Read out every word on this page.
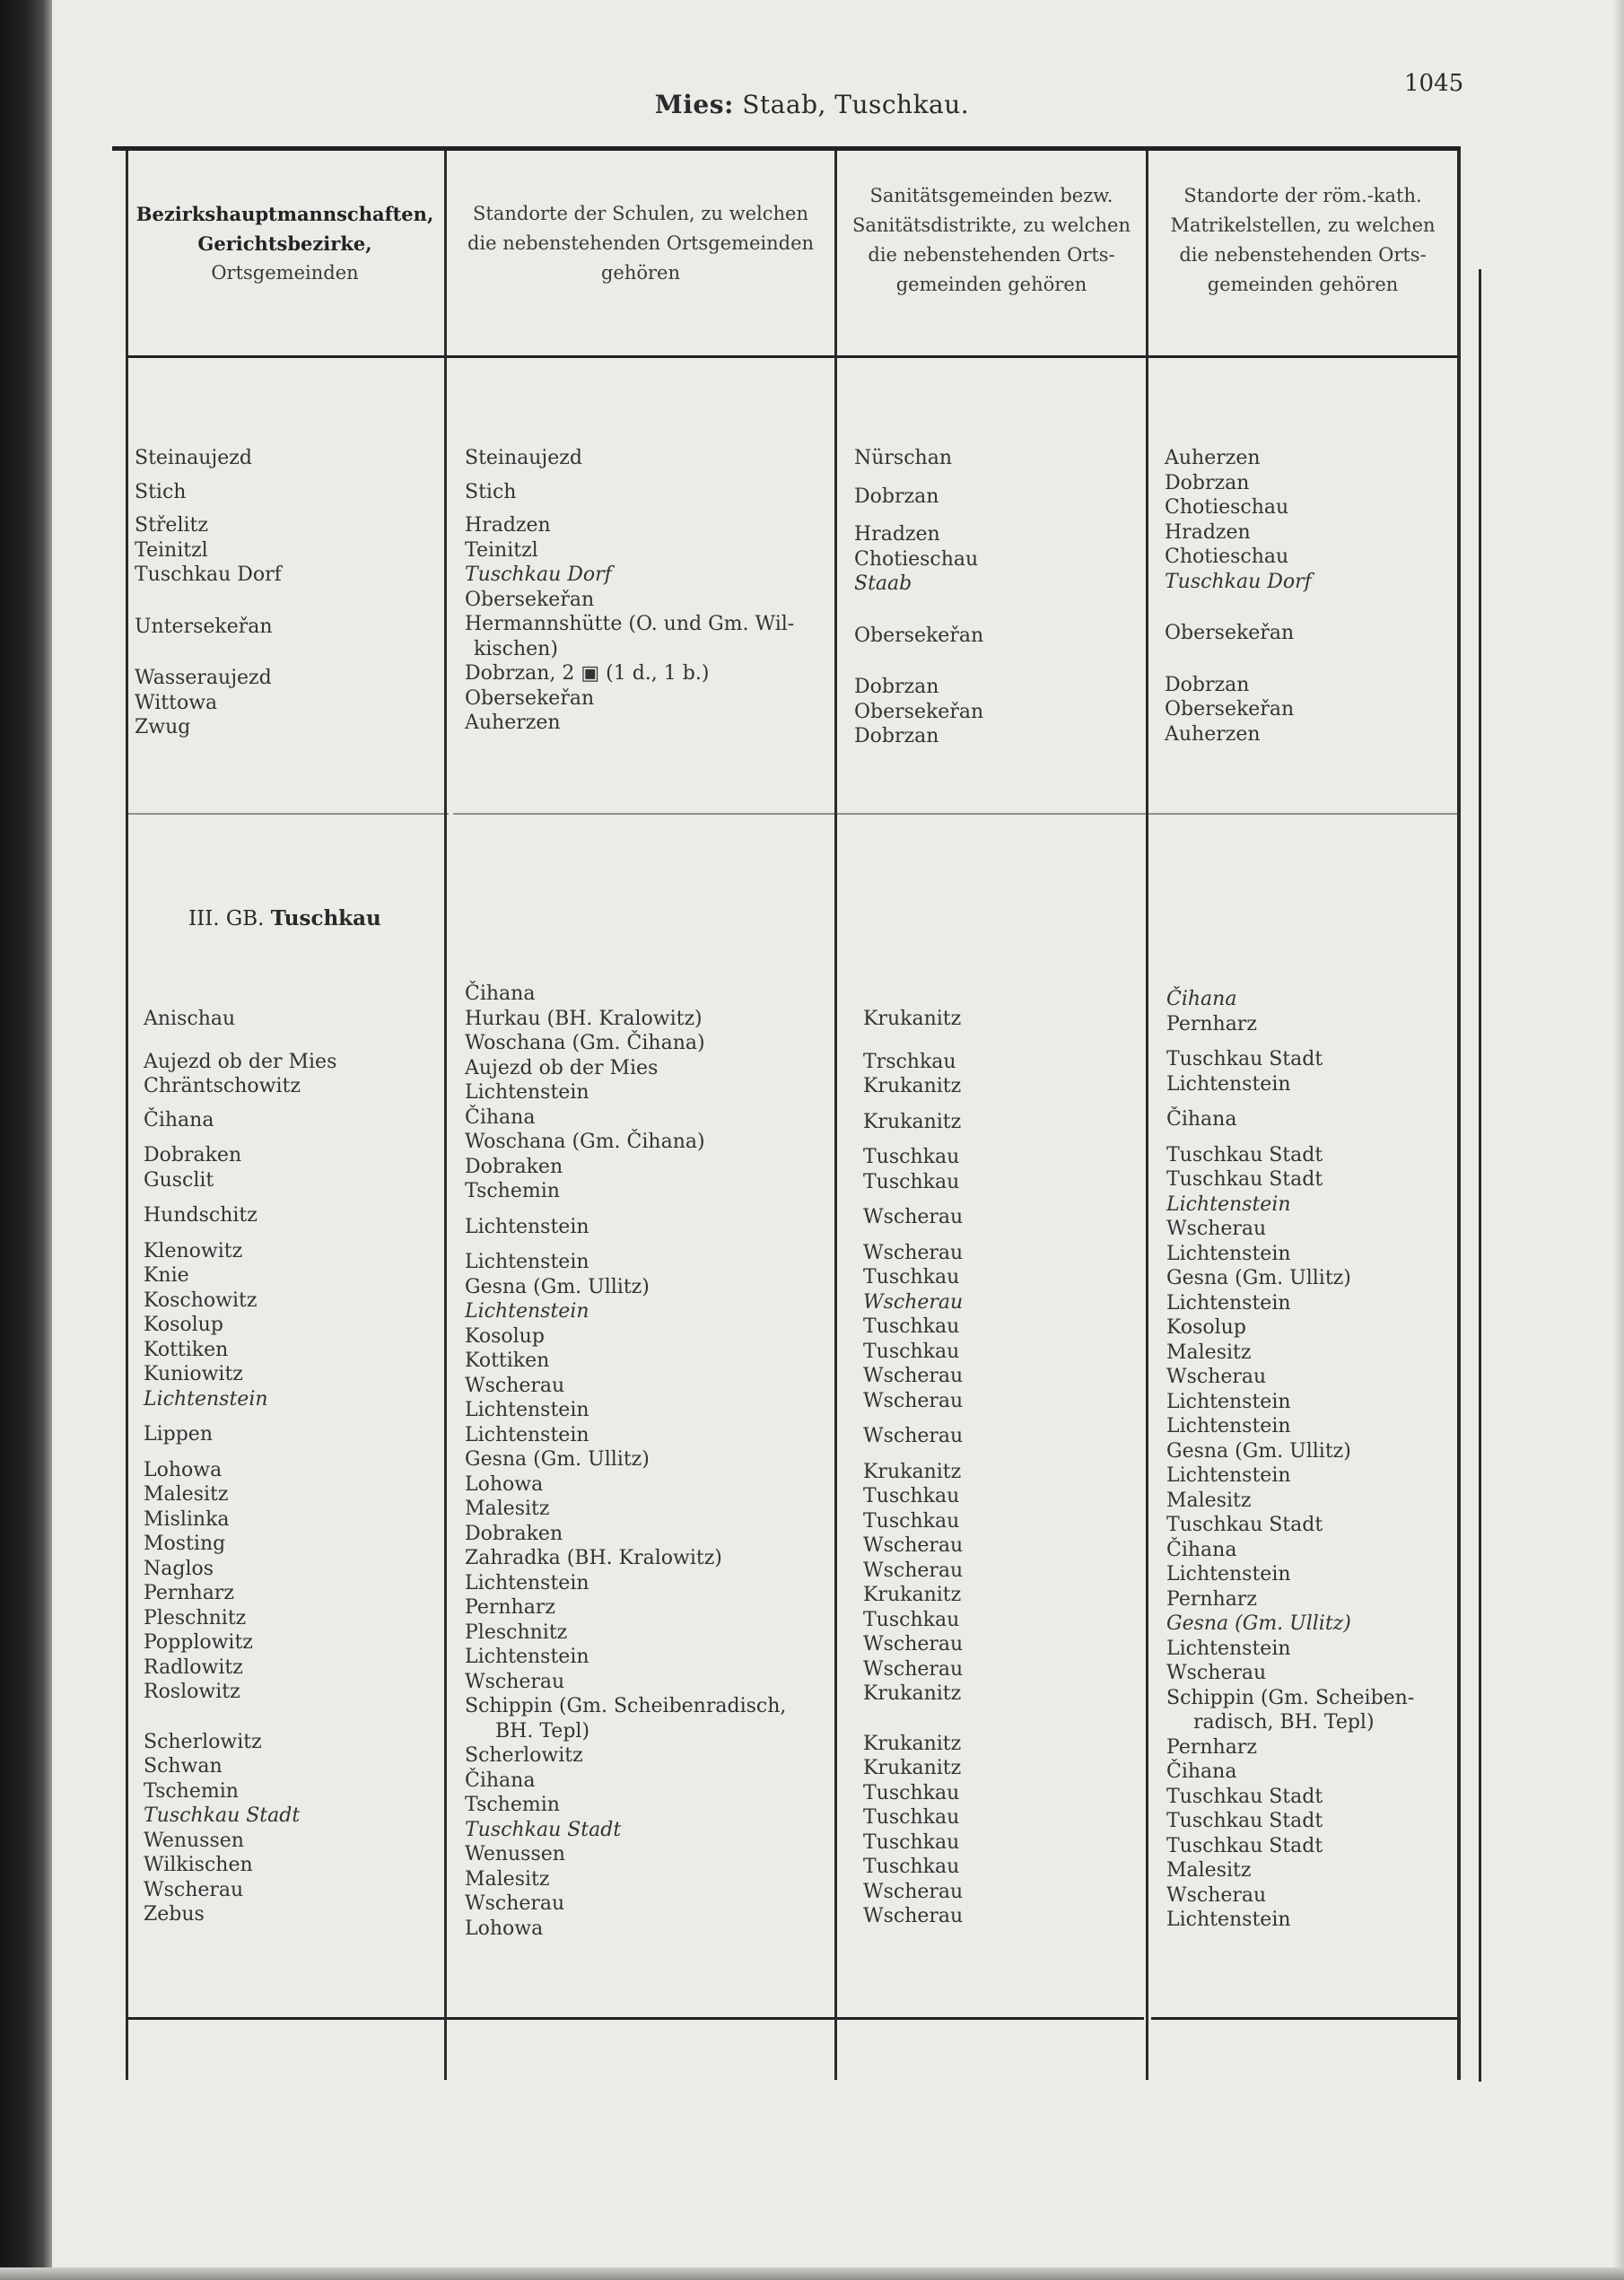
Mies: Staab, Tuschkau.
1045
Bezirkshauptmannschaften,
Gerichtsbezirke,
Ortsgemeinden
Standorte der Schulen, zu welchen
die nebenstehenden Ortsgemeinden
gehören
Sanitätsgemeinden bezw.
Sanitätsdistrikte, zu welchen
die nebenstehenden Orts-
gemeinden gehören
Standorte der röm.-kath.
Matrikelstellen, zu welchen
die nebenstehenden Orts-
gemeinden gehören
Steinaujezd
Stich
Střelitz
Teinitzl
Tuschkau Dorf
Untersekeřan
Wasseraujezd
Wittowa
Zwug
Steinaujezd
Stich
Hradzen
Teinitzl
Tuschkau Dorf
Obersekeřan
Hermannshütte (O. und Gm. Wil-
kischen)
Dobrzan, 2 ▣ (1 d., 1 b.)
Obersekeřan
Auherzen
Nürschan
Dobrzan
Hradzen
Chotieschau
Staab
Obersekeřan
Dobrzan
Obersekeřan
Dobrzan
Auherzen
Dobrzan
Chotieschau
Hradzen
Chotieschau
Tuschkau Dorf
Obersekeřan
Dobrzan
Obersekeřan
Auherzen
III. GB. Tuschkau
Anischau
Aujezd ob der Mies
Chräntschowitz
Čihana
Dobraken
Gusclit
Hundschitz
Klenowitz
Knie
Koschowitz
Kosolup
Kottiken
Kuniowitz
Lichtenstein
Lippen
Lohowa
Malesitz
Mislinka
Mosting
Naglos
Pernharz
Pleschnitz
Popplowitz
Radlowitz
Roslowitz
Scherlowitz
Schwan
Tschemin
Tuschkau Stadt
Wenussen
Wilkischen
Wscherau
Zebus
Čihana
Hurkau (BH. Kralowitz)
Woschana (Gm. Čihana)
Aujezd ob der Mies
Lichtenstein
Čihana
Woschana (Gm. Čihana)
Dobraken
Tschemin
Lichtenstein
Lichtenstein
Gesna (Gm. Ullitz)
Lichtenstein
Kosolup
Kottiken
Wscherau
Lichtenstein
Lichtenstein
Gesna (Gm. Ullitz)
Lohowa
Malesitz
Dobraken
Zahradka (BH. Kralowitz)
Lichtenstein
Pernharz
Pleschnitz
Lichtenstein
Wscherau
Schippin (Gm. Scheibenradisch,
BH. Tepl)
Scherlowitz
Čihana
Tschemin
Tuschkau Stadt
Wenussen
Malesitz
Wscherau
Lohowa
Krukanitz
Trschkau
Krukanitz
Krukanitz
Tuschkau
Tuschkau
Wscherau
Wscherau
Tuschkau
Wscherau
Tuschkau
Tuschkau
Wscherau
Wscherau
Wscherau
Krukanitz
Tuschkau
Tuschkau
Wscherau
Wscherau
Krukanitz
Tuschkau
Wscherau
Wscherau
Krukanitz
Krukanitz
Krukanitz
Tuschkau
Tuschkau
Tuschkau
Tuschkau
Wscherau
Wscherau
Čihana
Pernharz
Tuschkau Stadt
Lichtenstein
Čihana
Tuschkau Stadt
Tuschkau Stadt
Lichtenstein
Wscherau
Lichtenstein
Gesna (Gm. Ullitz)
Lichtenstein
Kosolup
Malesitz
Wscherau
Lichtenstein
Lichtenstein
Gesna (Gm. Ullitz)
Lichtenstein
Malesitz
Tuschkau Stadt
Čihana
Lichtenstein
Pernharz
Gesna (Gm. Ullitz)
Lichtenstein
Wscherau
Schippin (Gm. Scheiben-
radisch, BH. Tepl)
Pernharz
Čihana
Tuschkau Stadt
Tuschkau Stadt
Tuschkau Stadt
Malesitz
Wscherau
Lichtenstein
